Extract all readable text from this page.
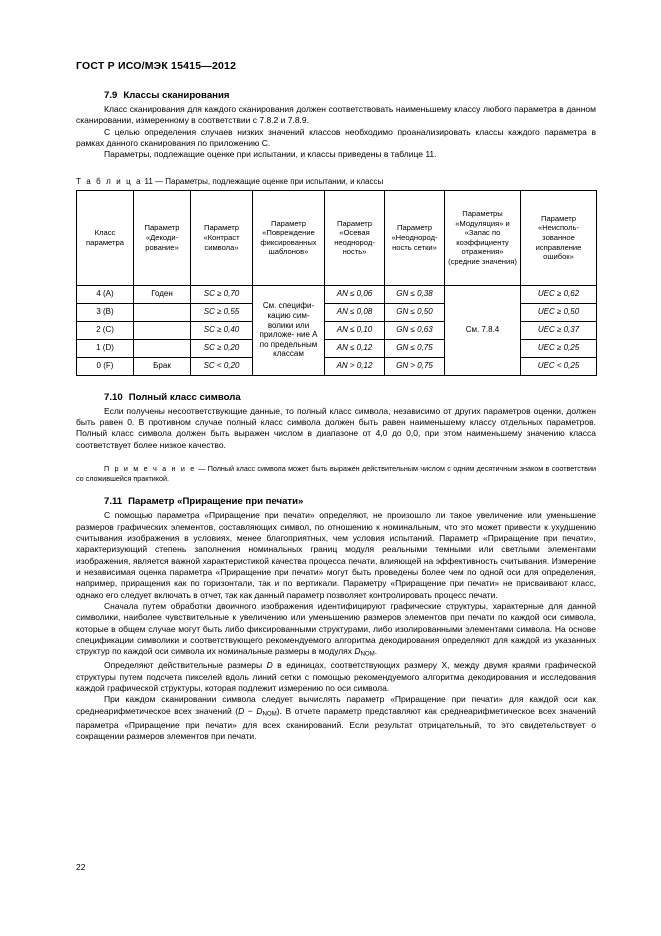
ГОСТ Р ИСО/МЭК 15415—2012
7.9 Классы сканирования

Класс сканирования для каждого сканирования должен соответствовать наименьшему классу любого параметра в данном сканировании, измеренному в соответствии с 7.8.2 и 7.8.9.

С целью определения случаев низких значений классов необходимо проанализировать классы каждого параметра в рамках данного сканирования по приложению С.

Параметры, подлежащие оценке при испытании, и классы приведены в таблице 11.

Т а б л и ц а 11 — Параметры, подлежащие оценке при испытании, и классы
Класс параметра	Параметр «Декоди- рование»	Параметр «Контраст символа»	Параметр «Повреждение фиксированных шаблонов»	Параметр «Осевая неоднород- ность»	Параметр «Неоднород- ность сетки»	Параметры «Модуляция» и «Запас по коэффициенту отражения» (средние значения)	Параметр «Неисполь- зованное исправление ошибок»
4 (A)	Годен	SC ≥ 0,70	См. специфи- кацию сим- волики или приложе- ние А по предельным классам	AN ≤ 0,06	GN ≤ 0,38	См. 7.8.4	UEC ≥ 0,62
3 (B)		SC ≥ 0,55		AN ≤ 0,08	GN ≤ 0,50		UEC ≥ 0,50
2 (C)		SC ≥ 0,40		AN ≤ 0,10	GN ≤ 0,63		UEC ≥ 0,37
1 (D)		SC ≥ 0,20		AN ≤ 0,12	GN ≤ 0,75		UEC ≥ 0,25
0 (F)	Брак	SC < 0,20		AN > 0,12	GN > 0,75		UEC < 0,25
7.10 Полный класс символа

Если получены несоответствующие данные, то полный класс символа, независимо от других параметров оценки, должен быть равен 0. В противном случае полный класс символа должен быть равен наименьшему классу отдельных параметров. Полный класс символа должен быть выражен числом в диапазоне от 4,0 до 0,0, при этом наименьшему значению класса соответствует более низкое качество.

П р и м е ч а н и е — Полный класс символа может быть выражен действительным числом с одним десятичным знаком в соответствии со сложившейся практикой.

7.11 Параметр «Приращение при печати»

С помощью параметра «Приращение при печати» определяют, не произошло ли такое увеличение или уменьшение размеров графических элементов, составляющих символ, по отношению к номинальным, что это может привести к ухудшению считывания изображения в условиях, менее благоприятных, чем условия испытаний. Параметр «Приращение при печати», характеризующий степень заполнения номинальных границ модуля реальными темными или светлыми элементами изображения, является важной характеристикой качества процесса печати, влияющей на эффективность считывания. Измерение и независимая оценка параметра «Приращение при печати» могут быть проведены более чем по одной оси для определения, например, приращения как по горизонтали, так и по вертикали. Параметру «Приращение при печати» не присваивают класс, однако его следует включать в отчет, так как данный параметр позволяет контролировать процесс печати.

Сначала путем обработки двоичного изображения идентифицируют графические структуры, характерные для данной символики, наиболее чувствительные к увеличению или уменьшению размеров элементов при печати по каждой оси символа, которые в общем случае могут быть либо фиксированными структурами, либо изолированными элементами символа. На основе спецификации символики и соответствующего рекомендуемого алгоритма декодирования определяют для каждой из указанных структур по каждой оси символа их номинальные размеры в модулях $D_{NOM}$.

Определяют действительные размеры D в единицах, соответствующих размеру X, между двумя краями графической структуры путем подсчета пикселей вдоль линий сетки с помощью рекомендуемого алгоритма декодирования и исследования каждой графической структуры, которая подлежит измерению по оси символа.

При каждом сканировании символа следует вычислять параметр «Приращение при печати» для каждой оси как среднеарифметическое всех значений $(D - D_{NOM})$. В отчете параметр представляют как среднеарифметическое всех значений параметра «Приращение при печати» для всех сканирований. Если результат отрицательный, то это свидетельствует о сокращении размеров элементов при печати.

22
